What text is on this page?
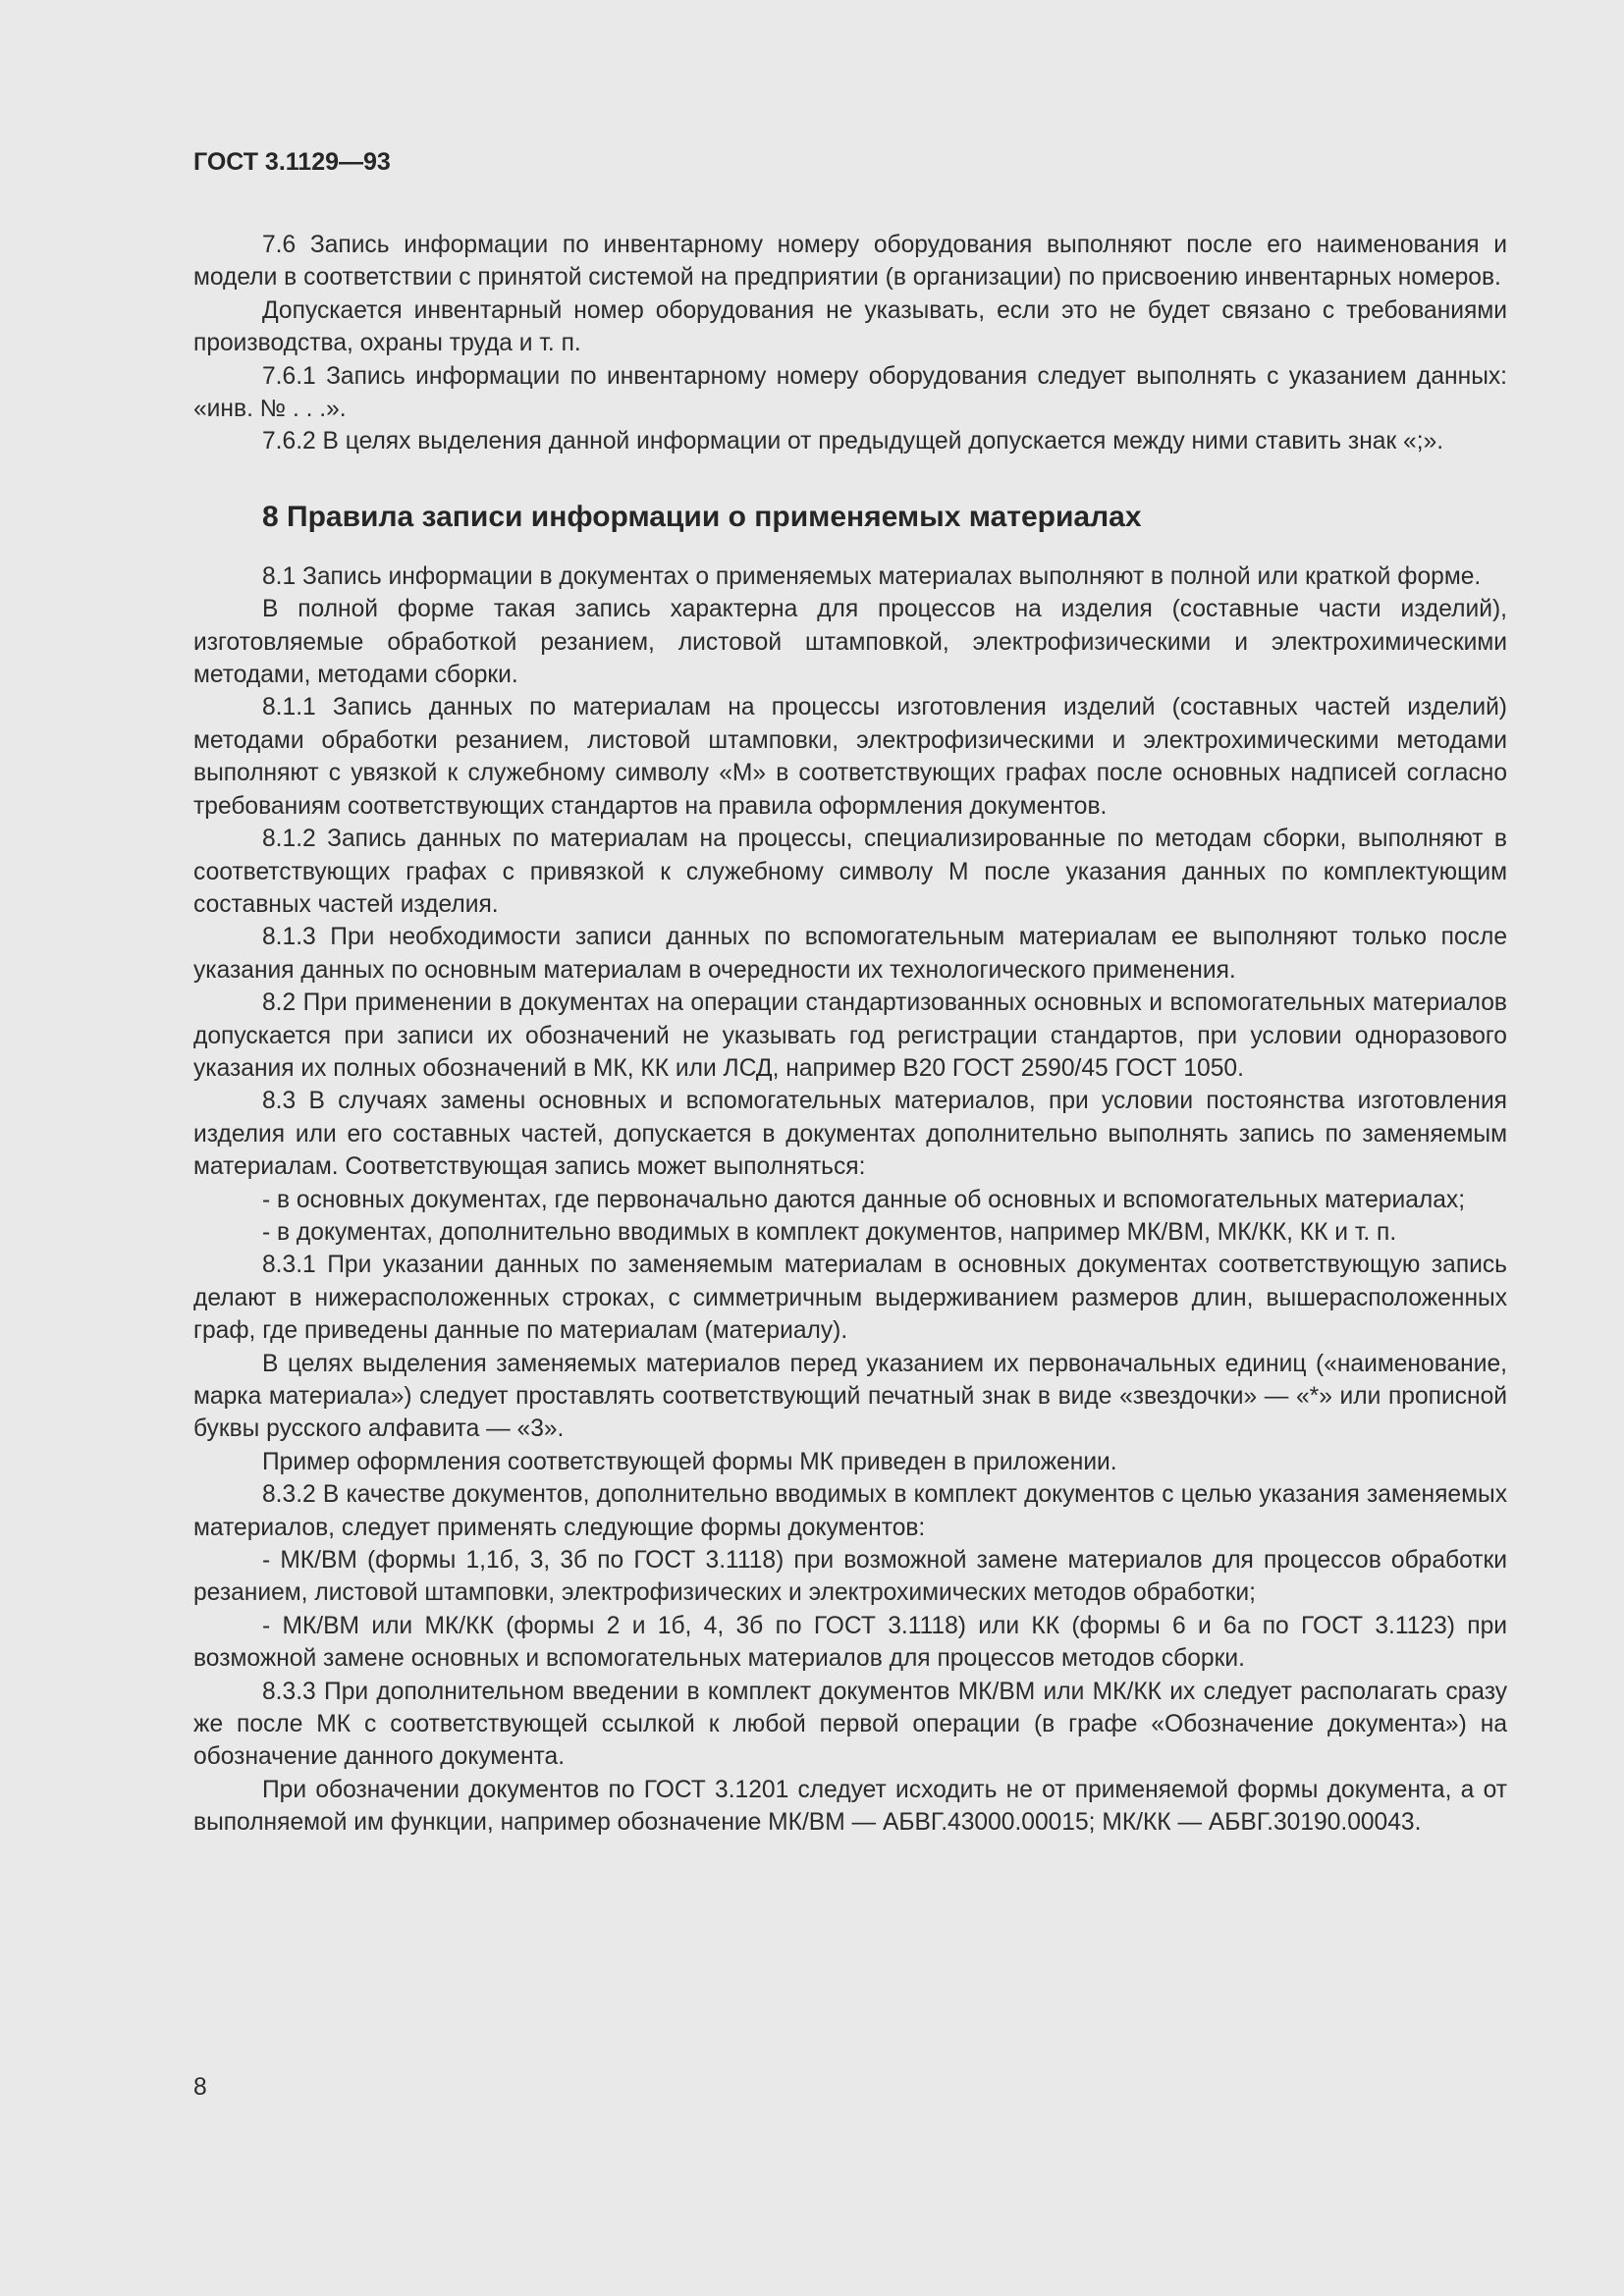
ГОСТ 3.1129—93

7.6 Запись информации по инвентарному номеру оборудования выполняют после его наименования и модели в соответствии с принятой системой на предприятии (в организации) по присвоению инвентарных номеров.

Допускается инвентарный номер оборудования не указывать, если это не будет связано с требованиями производства, охраны труда и т. п.

7.6.1 Запись информации по инвентарному номеру оборудования следует выполнять с указанием данных: «инв. № . . .».

7.6.2 В целях выделения данной информации от предыдущей допускается между ними ставить знак «;».

8 Правила записи информации о применяемых материалах

8.1 Запись информации в документах о применяемых материалах выполняют в полной или краткой форме.

В полной форме такая запись характерна для процессов на изделия (составные части изделий), изготовляемые обработкой резанием, листовой штамповкой, электрофизическими и электрохимическими методами, методами сборки.

8.1.1 Запись данных по материалам на процессы изготовления изделий (составных частей изделий) методами обработки резанием, листовой штамповки, электрофизическими и электрохимическими методами выполняют с увязкой к служебному символу «М» в соответствующих графах после основных надписей согласно требованиям соответствующих стандартов на правила оформления документов.

8.1.2 Запись данных по материалам на процессы, специализированные по методам сборки, выполняют в соответствующих графах с привязкой к служебному символу М после указания данных по комплектующим составных частей изделия.

8.1.3 При необходимости записи данных по вспомогательным материалам ее выполняют только после указания данных по основным материалам в очередности их технологического применения.

8.2 При применении в документах на операции стандартизованных основных и вспомогательных материалов допускается при записи их обозначений не указывать год регистрации стандартов, при условии одноразового указания их полных обозначений в МК, КК или ЛСД, например В20 ГОСТ 2590/45 ГОСТ 1050.

8.3 В случаях замены основных и вспомогательных материалов, при условии постоянства изготовления изделия или его составных частей, допускается в документах дополнительно выполнять запись по заменяемым материалам. Соответствующая запись может выполняться:

- в основных документах, где первоначально даются данные об основных и вспомогательных материалах;

- в документах, дополнительно вводимых в комплект документов, например МК/ВМ, МК/КК, КК и т. п.

8.3.1 При указании данных по заменяемым материалам в основных документах соответствующую запись делают в нижерасположенных строках, с симметричным выдерживанием размеров длин, вышерасположенных граф, где приведены данные по материалам (материалу).

В целях выделения заменяемых материалов перед указанием их первоначальных единиц («наименование, марка материала») следует проставлять соответствующий печатный знак в виде «звездочки» — «*» или прописной буквы русского алфавита — «3».

Пример оформления соответствующей формы МК приведен в приложении.

8.3.2 В качестве документов, дополнительно вводимых в комплект документов с целью указания заменяемых материалов, следует применять следующие формы документов:

- МК/ВМ (формы 1,1б, 3, 3б по ГОСТ 3.1118) при возможной замене материалов для процессов обработки резанием, листовой штамповки, электрофизических и электрохимических методов обработки;

- МК/ВМ или МК/КК (формы 2 и 1б, 4, 3б по ГОСТ 3.1118) или КК (формы 6 и 6а по ГОСТ 3.1123) при возможной замене основных и вспомогательных материалов для процессов методов сборки.

8.3.3 При дополнительном введении в комплект документов МК/ВМ или МК/КК их следует располагать сразу же после МК с соответствующей ссылкой к любой первой операции (в графе «Обозначение документа») на обозначение данного документа.

При обозначении документов по ГОСТ 3.1201 следует исходить не от применяемой формы документа, а от выполняемой им функции, например обозначение МК/ВМ — АБВГ.43000.00015; МК/КК — АБВГ.30190.00043.

8
